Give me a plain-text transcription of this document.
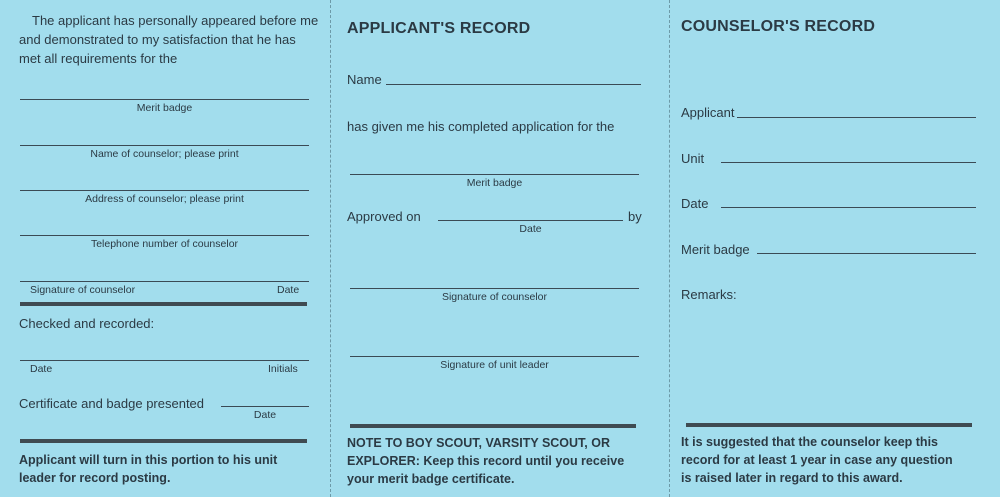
The applicant has personally appeared before me
and demonstrated to my satisfaction that he has
met all requirements for the
Merit badge
Name of counselor; please print
Address of counselor; please print
Telephone number of counselor
Signature of counselor	Date
Checked and recorded:
Date	Initials
Certificate and badge presented
Date
Applicant will turn in this portion to his unit
leader for record posting.
APPLICANT'S RECORD
Name
has given me his completed application for the
Merit badge
Approved on	by
Date
Signature of counselor
Signature of unit leader
NOTE TO BOY SCOUT, VARSITY SCOUT, OR
EXPLORER: Keep this record until you receive
your merit badge certificate.
COUNSELOR'S RECORD
Applicant
Unit
Date
Merit badge
Remarks:
It is suggested that the counselor keep this
record for at least 1 year in case any question
is raised later in regard to this award.
